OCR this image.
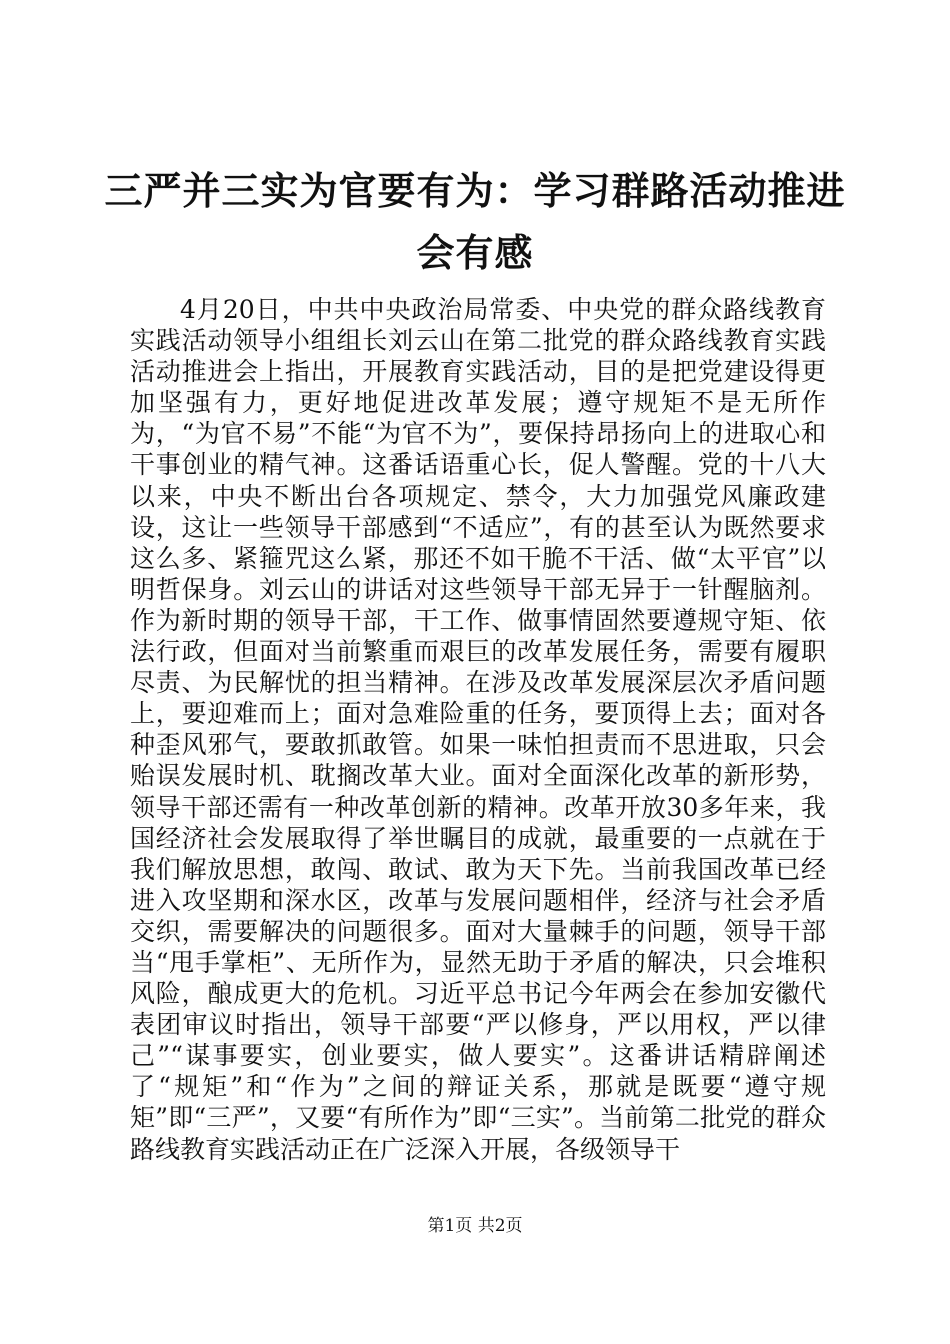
三严并三实为官要有为：学习群路活动推进会有感

4月20日，中共中央政治局常委、中央党的群众路线教育实践活动领导小组组长刘云山在第二批党的群众路线教育实践活动推进会上指出，开展教育实践活动，目的是把党建设得更加坚强有力，更好地促进改革发展；遵守规矩不是无所作为，“为官不易”不能“为官不为”，要保持昂扬向上的进取心和干事创业的精气神。这番话语重心长，促人警醒。党的十八大以来，中央不断出台各项规定、禁令，大力加强党风廉政建设，这让一些领导干部感到“不适应”，有的甚至认为既然要求这么多、紧箍咒这么紧，那还不如干脆不干活、做“太平官”以明哲保身。刘云山的讲话对这些领导干部无异于一针醒脑剂。作为新时期的领导干部，干工作、做事情固然要遵规守矩、依法行政，但面对当前繁重而艰巨的改革发展任务，需要有履职尽责、为民解忧的担当精神。在涉及改革发展深层次矛盾问题上，要迎难而上；面对急难险重的任务，要顶得上去；面对各种歪风邪气，要敢抓敢管。如果一味怕担责而不思进取，只会贻误发展时机、耽搁改革大业。面对全面深化改革的新形势，领导干部还需有一种改革创新的精神。改革开放30多年来，我国经济社会发展取得了举世瞩目的成就，最重要的一点就在于我们解放思想，敢闯、敢试、敢为天下先。当前我国改革已经进入攻坚期和深水区，改革与发展问题相伴，经济与社会矛盾交织，需要解决的问题很多。面对大量棘手的问题，领导干部当“甩手掌柜”、无所作为，显然无助于矛盾的解决，只会堆积风险，酿成更大的危机。习近平总书记今年两会在参加安徽代表团审议时指出，领导干部要“严以修身，严以用权，严以律己”“谋事要实，创业要实，做人要实”。这番讲话精辟阐述了“规矩”和“作为”之间的辩证关系，那就是既要“遵守规矩”即“三严”，又要“有所作为”即“三实”。当前第二批党的群众路线教育实践活动正在广泛深入开展，各级领导干

第1页 共2页
